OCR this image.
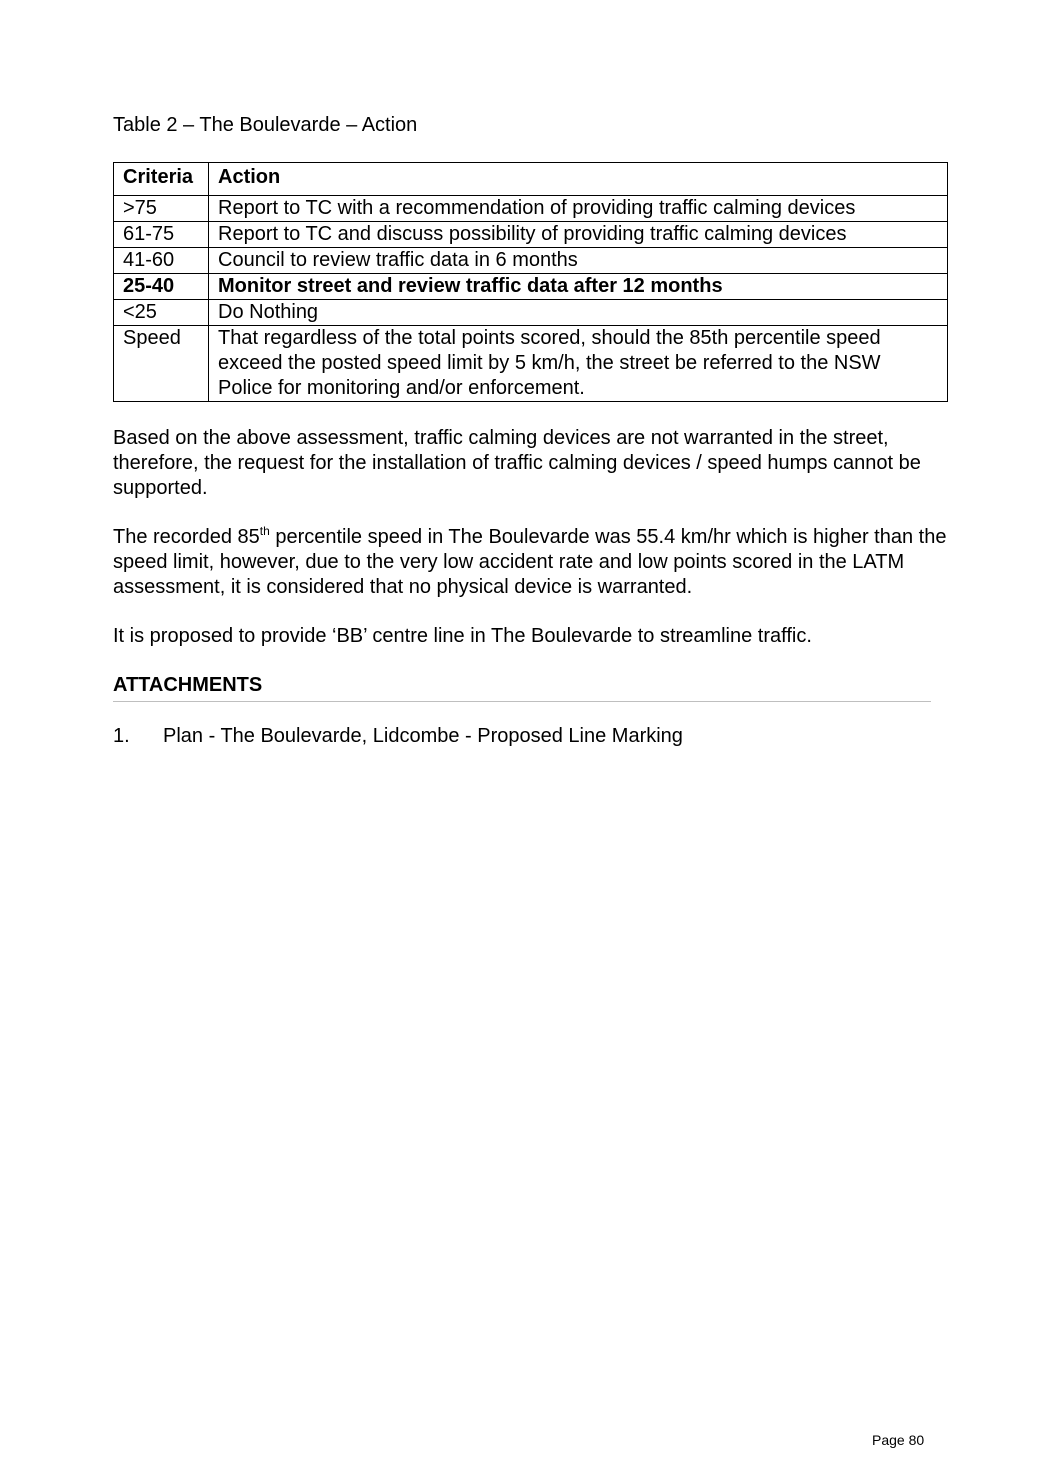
Table 2 – The Boulevarde – Action
Criteria	Action
>75	Report to TC with a recommendation of providing traffic calming devices
61-75	Report to TC and discuss possibility of providing traffic calming devices
41-60	Council to review traffic data in 6 months
25-40	Monitor street and review traffic data after 12 months
<25	Do Nothing
Speed	That regardless of the total points scored, should the 85th percentile speed exceed the posted speed limit by 5 km/h, the street be referred to the NSW Police for monitoring and/or enforcement.

Based on the above assessment, traffic calming devices are not warranted in the street, therefore, the request for the installation of traffic calming devices / speed humps cannot be supported.

The recorded 85th percentile speed in The Boulevarde was 55.4 km/hr which is higher than the speed limit, however, due to the very low accident rate and low points scored in the LATM assessment, it is considered that no physical device is warranted.

It is proposed to provide ‘BB’ centre line in The Boulevarde to streamline traffic.

ATTACHMENTS
1.	Plan - The Boulevarde, Lidcombe - Proposed Line Marking
Page 80
